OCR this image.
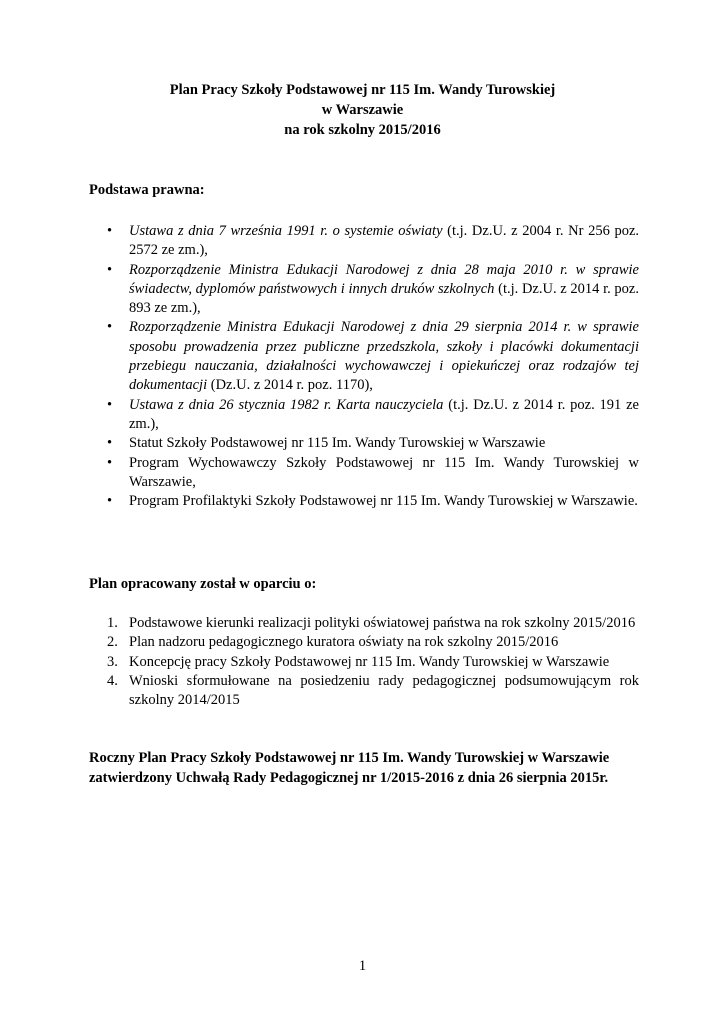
Plan Pracy Szkoły Podstawowej nr 115 Im. Wandy Turowskiej
w Warszawie
na rok szkolny 2015/2016
Podstawa prawna:
• Ustawa z dnia 7 września 1991 r. o systemie oświaty (t.j. Dz.U. z 2004 r. Nr 256 poz. 2572 ze zm.),
• Rozporządzenie Ministra Edukacji Narodowej z dnia 28 maja 2010 r. w sprawie świadectw, dyplomów państwowych i innych druków szkolnych (t.j. Dz.U. z 2014 r. poz. 893 ze zm.),
• Rozporządzenie Ministra Edukacji Narodowej z dnia 29 sierpnia 2014 r. w sprawie sposobu prowadzenia przez publiczne przedszkola, szkoły i placówki dokumentacji przebiegu nauczania, działalności wychowawczej i opiekuńczej oraz rodzajów tej dokumentacji (Dz.U. z 2014 r. poz. 1170),
• Ustawa z dnia 26 stycznia 1982 r. Karta nauczyciela (t.j. Dz.U. z 2014 r. poz. 191 ze zm.),
• Statut Szkoły Podstawowej nr 115 Im. Wandy Turowskiej w Warszawie
• Program Wychowawczy Szkoły Podstawowej nr 115 Im. Wandy Turowskiej w Warszawie,
• Program Profilaktyki Szkoły Podstawowej nr 115 Im. Wandy Turowskiej w Warszawie.
Plan opracowany został w oparciu o:
1. Podstawowe kierunki realizacji polityki oświatowej państwa na rok szkolny 2015/2016
2. Plan nadzoru pedagogicznego kuratora oświaty na rok szkolny 2015/2016
3. Koncepcję pracy Szkoły Podstawowej nr 115 Im. Wandy Turowskiej w Warszawie
4. Wnioski sformułowane na posiedzeniu rady pedagogicznej podsumowującym rok szkolny 2014/2015
Roczny Plan Pracy Szkoły Podstawowej nr 115 Im. Wandy Turowskiej w Warszawie zatwierdzony Uchwałą Rady Pedagogicznej nr 1/2015-2016 z dnia 26 sierpnia 2015r.
1
